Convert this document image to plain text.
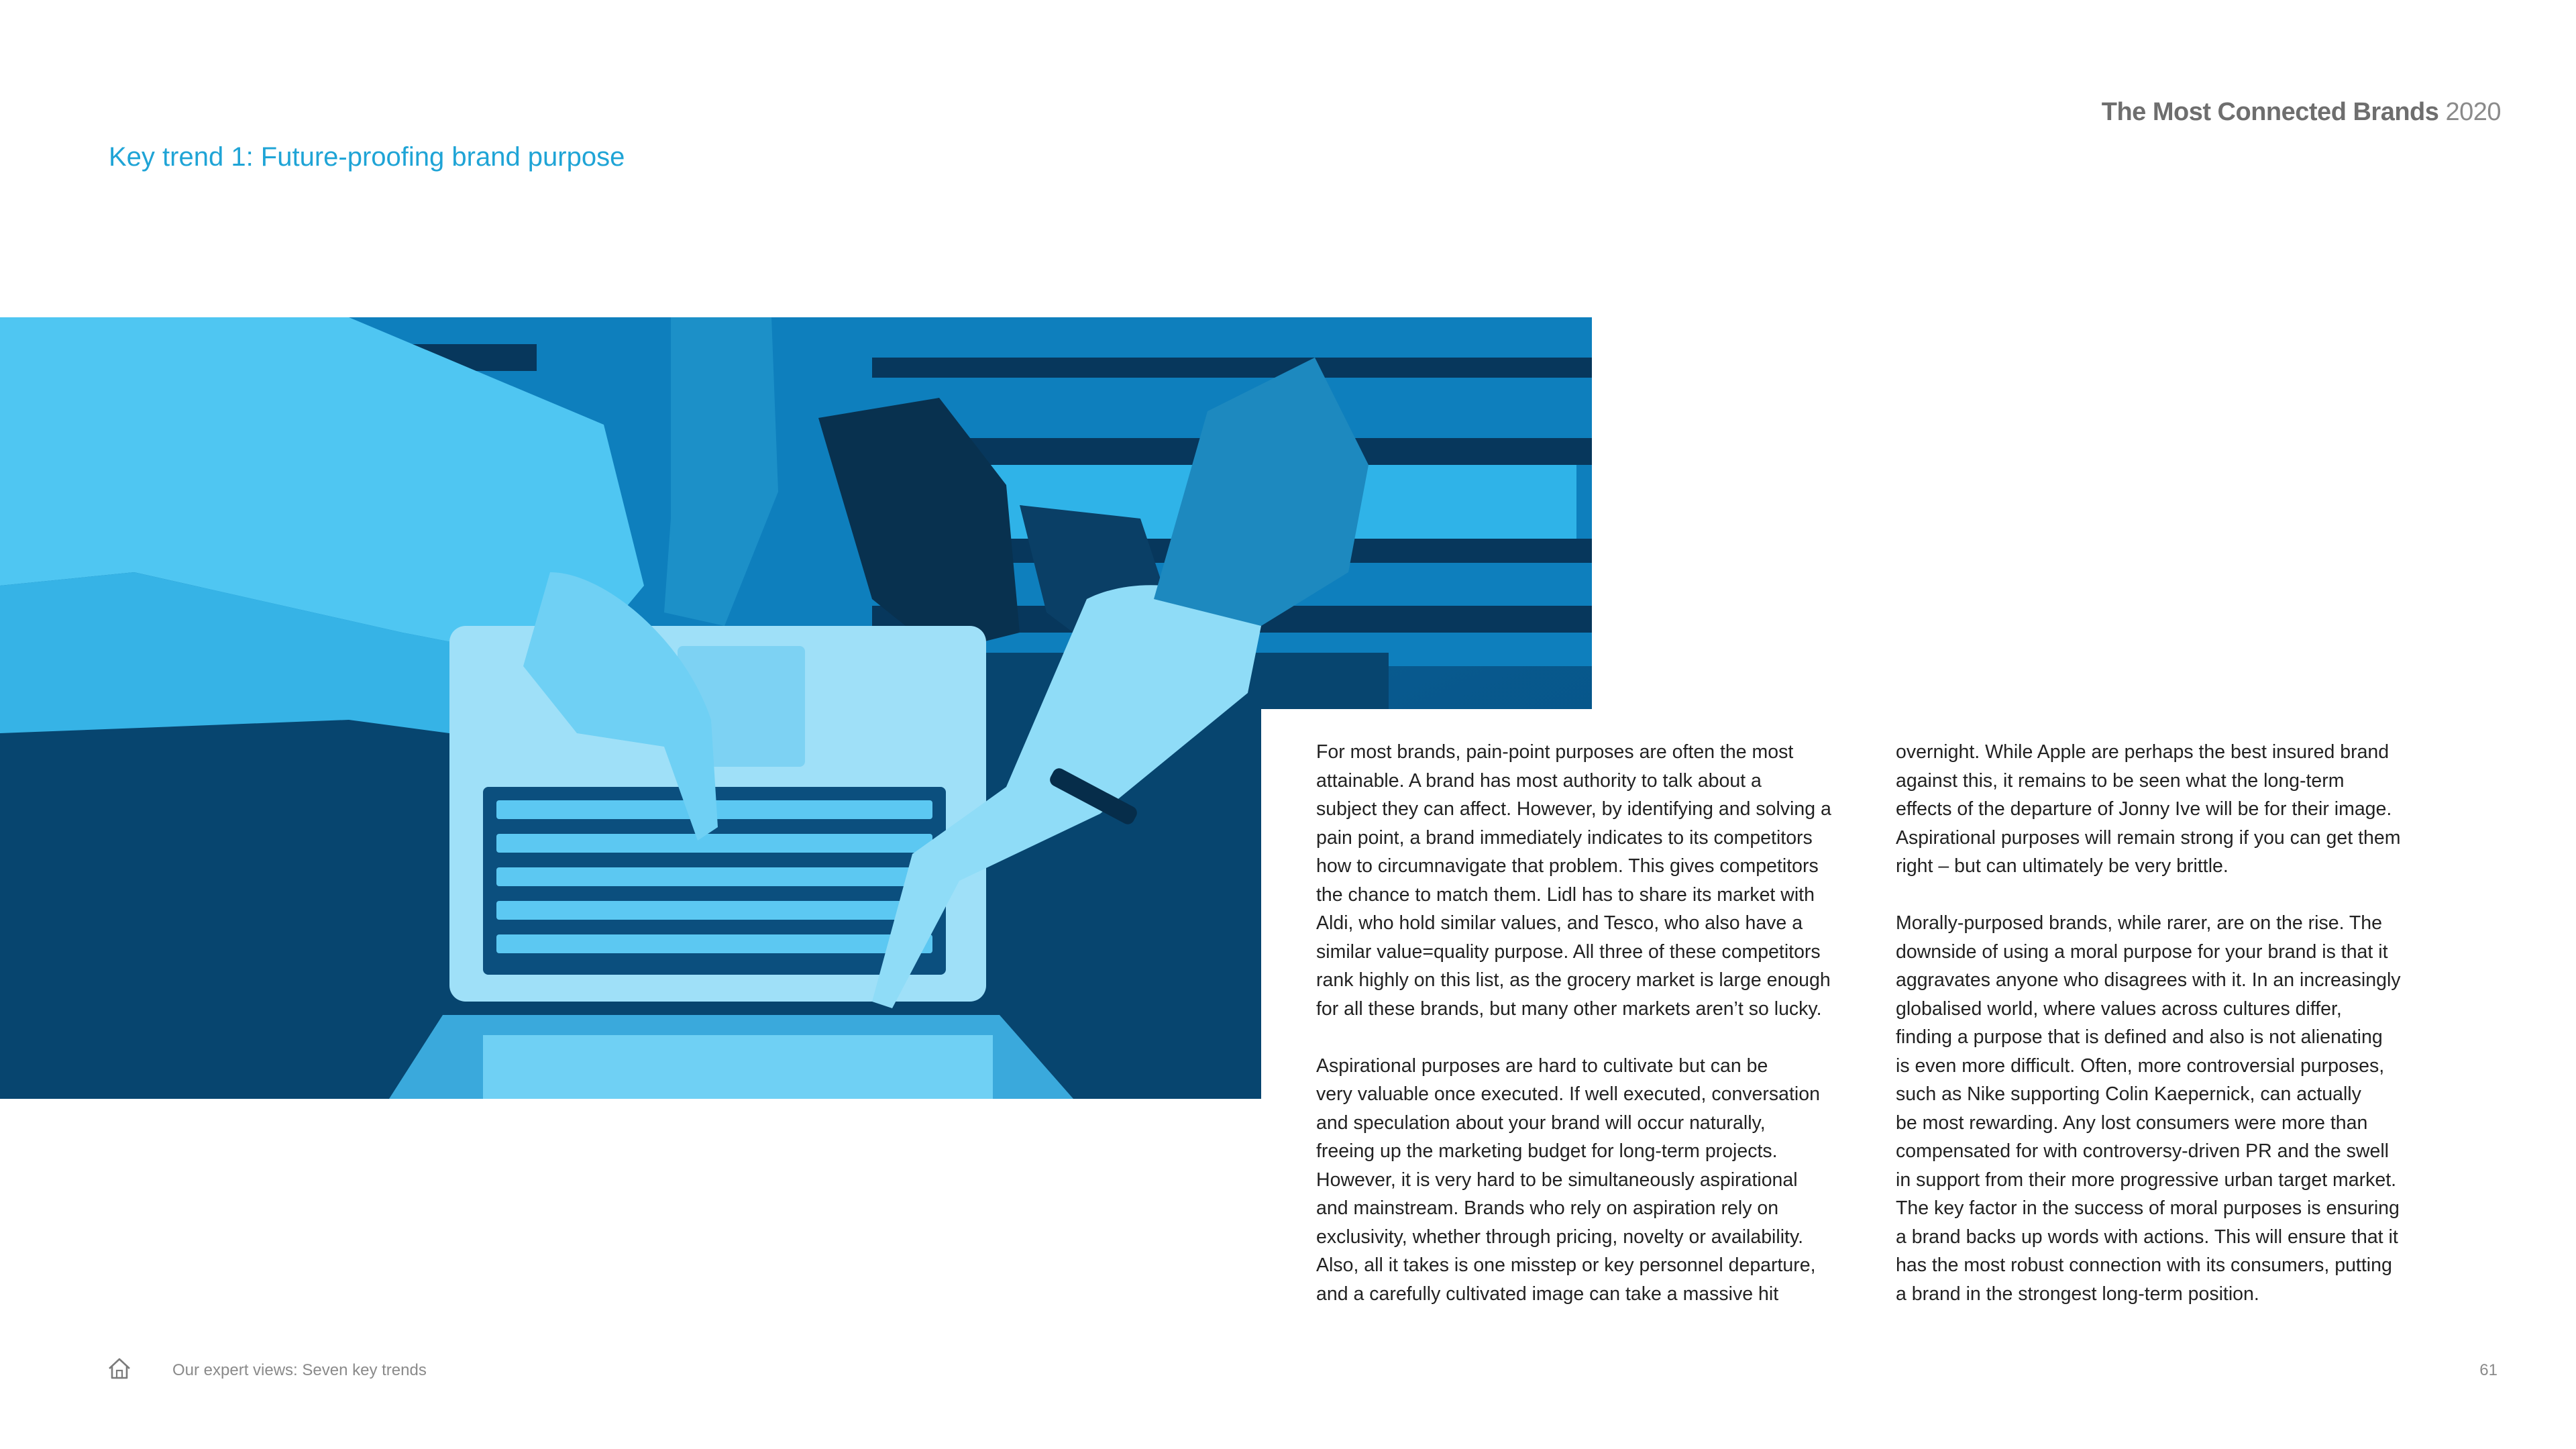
The Most Connected Brands 2020
Key trend 1: Future-proofing brand purpose

For most brands, pain-point purposes are often the most
attainable. A brand has most authority to talk about a
subject they can affect. However, by identifying and solving a
pain point, a brand immediately indicates to its competitors
how to circumnavigate that problem. This gives competitors
the chance to match them. Lidl has to share its market with
Aldi, who hold similar values, and Tesco, who also have a
similar value=quality purpose. All three of these competitors
rank highly on this list, as the grocery market is large enough
for all these brands, but many other markets aren’t so lucky.

Aspirational purposes are hard to cultivate but can be
very valuable once executed. If well executed, conversation
and speculation about your brand will occur naturally,
freeing up the marketing budget for long-term projects.
However, it is very hard to be simultaneously aspirational
and mainstream. Brands who rely on aspiration rely on
exclusivity, whether through pricing, novelty or availability.
Also, all it takes is one misstep or key personnel departure,
and a carefully cultivated image can take a massive hit

overnight. While Apple are perhaps the best insured brand
against this, it remains to be seen what the long-term
effects of the departure of Jonny Ive will be for their image.
Aspirational purposes will remain strong if you can get them
right – but can ultimately be very brittle.

Morally-purposed brands, while rarer, are on the rise. The
downside of using a moral purpose for your brand is that it
aggravates anyone who disagrees with it. In an increasingly
globalised world, where values across cultures differ,
finding a purpose that is defined and also is not alienating
is even more difficult. Often, more controversial purposes,
such as Nike supporting Colin Kaepernick, can actually
be most rewarding. Any lost consumers were more than
compensated for with controversy-driven PR and the swell
in support from their more progressive urban target market.
The key factor in the success of moral purposes is ensuring
a brand backs up words with actions. This will ensure that it
has the most robust connection with its consumers, putting
a brand in the strongest long-term position.

Our expert views: Seven key trends	61
